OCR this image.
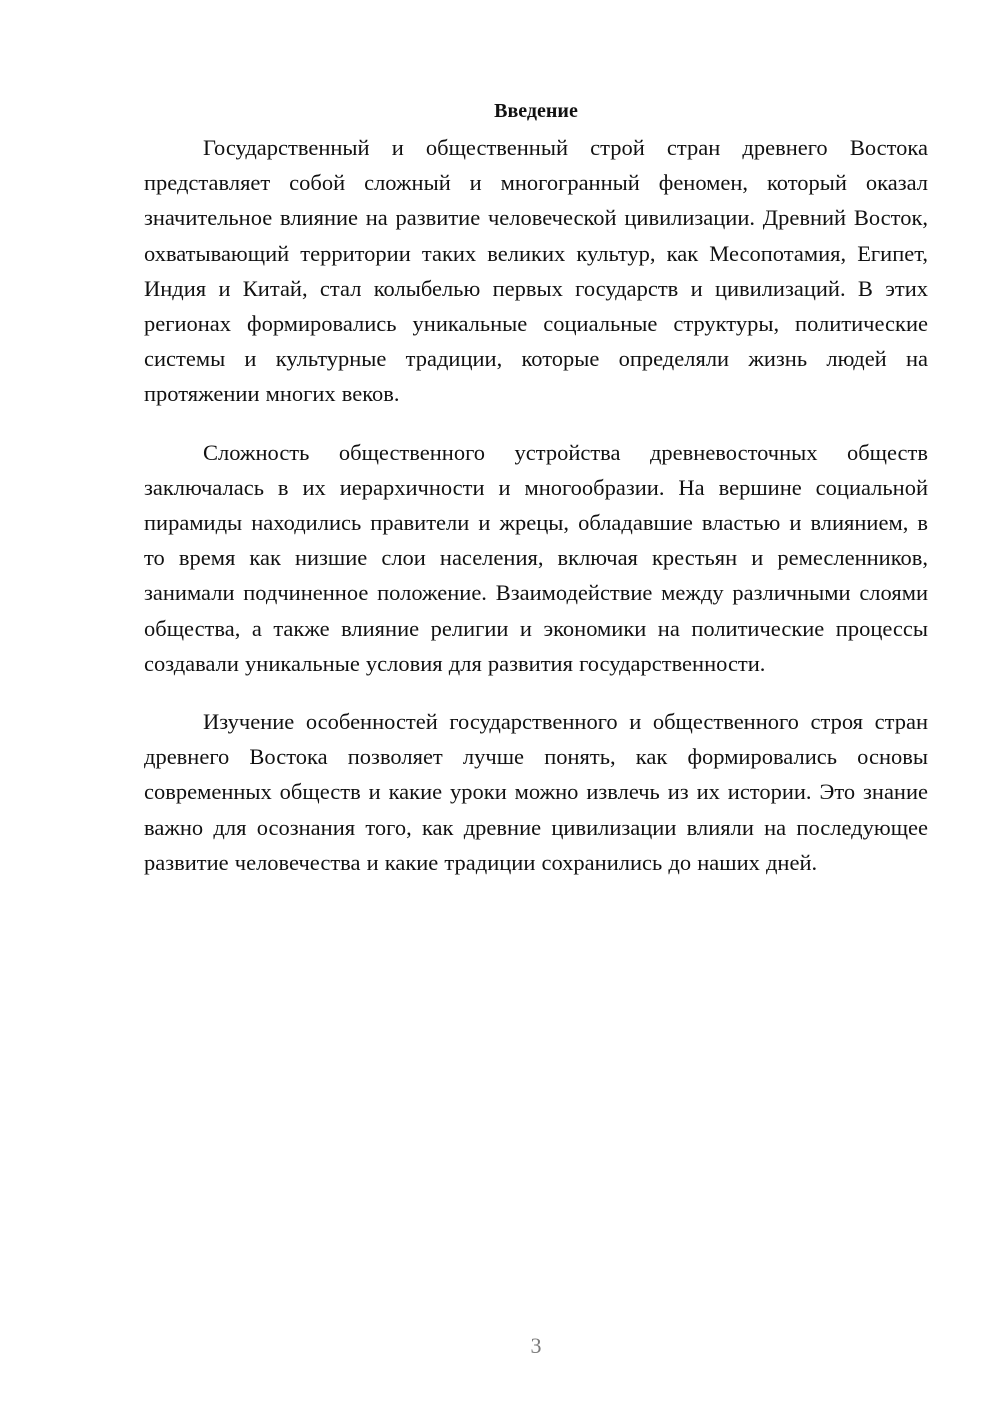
Введение

Государственный и общественный строй стран древнего Востока представляет собой сложный и многогранный феномен, который оказал значительное влияние на развитие человеческой цивилизации. Древний Восток, охватывающий территории таких великих культур, как Месопотамия, Египет, Индия и Китай, стал колыбелью первых государств и цивилизаций. В этих регионах формировались уникальные социальные структуры, политические системы и культурные традиции, которые определяли жизнь людей на протяжении многих веков.

Сложность общественного устройства древневосточных обществ заключалась в их иерархичности и многообразии. На вершине социальной пирамиды находились правители и жрецы, обладавшие властью и влиянием, в то время как низшие слои населения, включая крестьян и ремесленников, занимали подчиненное положение. Взаимодействие между различными слоями общества, а также влияние религии и экономики на политические процессы создавали уникальные условия для развития государственности.

Изучение особенностей государственного и общественного строя стран древнего Востока позволяет лучше понять, как формировались основы современных обществ и какие уроки можно извлечь из их истории. Это знание важно для осознания того, как древние цивилизации влияли на последующее развитие человечества и какие традиции сохранились до наших дней.

3
